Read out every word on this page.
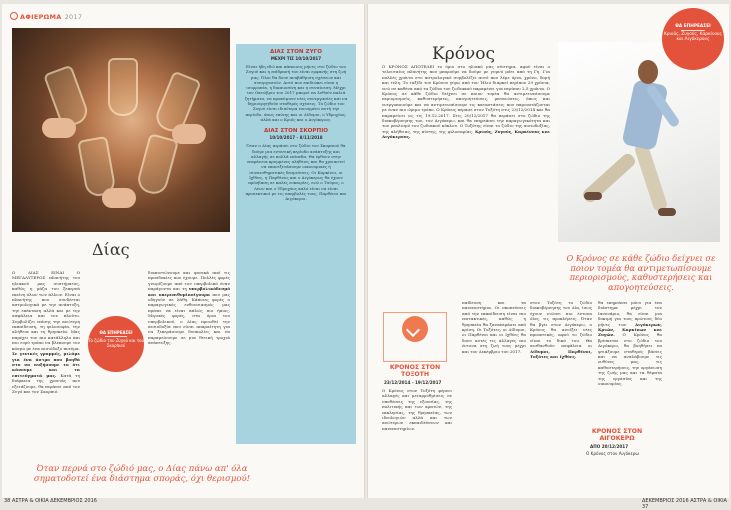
ΑΦΙΕΡΩΜΑ 2017
Δίας
Ο ΔΙΑΣ ΕΙΝΑΙ Ο ΜΕΓΑΛΥΤΕΡΟΣ πλανήτης του ηλιακού μας συστήματος, καθώς η μάζα του ξεπερνά εκείνη όλων των άλλων. Είναι ο πλανήτης που συνδέεται αστρολογικά με την ανάπτυξη, την επέκταση αλλά και με την ασφάλεια και τον πλούτο. Συμβολίζει επίσης την ανώτερη εκπαίδευση, τη φιλοσοφία, την αλήθεια και τη θρησκεία. Μας παρέχει τον πιο κατάλληλο και πιο ευρύ τρόπο να βλέπουμε τον κόσμο με ένα αισιόδοξο πνεύμα. Σε γενικές γραμμές, μιλάμε για ένα άστρο που βοηθά στο να αυξήσουμε το ότι κάνουμε και τα επιτεύγματά μας. Κατά τη διάρκεια της χρονιάς που εξετάζουμε, θα περάσει από τον Ζυγό και τον Σκορπιό.
διαπιστώνουμε και φυσικά από τις προσδοκίες που έχουμε. Πολλές φορές γνωρίζουμε από τον υπερβολικό έναν παράγοντα και τη υπερβολικόδεσμό και υπερεπιθυμίασίγουρα που μας οδηγούν σε λάθη. Κάποιες φορές ο παραγωγικός ενθουσιασμός μας πρέπει να είναι απλώς πιο ήπιος. Μερικές φορές, στα όρια του υπερβολικού, ο Δίας προωθεί την αισιοδοξία που είναι απαραίτητη για να ξεπεράσουμε δυσκολίες και να παραμείνουμε σε μια θετική τροχιά ανάπτυξης.
ΘΑ ΕΠΗΡΕΑΣΕΙ
Το ζώδιο του Ζυγού και του Σκορπιού
ΔΙΑΣ ΣΤΟΝ ΖΥΓΟ
ΜΕΧΡΙ ΤΙΣ 10/10/2017
Είναι ήδη εδώ και κάποιους μήνες στο ζώδιο του Ζυγού και η επίδρασή του είναι εμφανής στη ζωή μας. Όλοι θα δουν αναβάθμιση σχέσεων και συνεργασιών. Αυτό που επιδιώκει είναι η ισορροπία, η δικαιοσύνη και η συναίνεση. Μέχρι τον Οκτώβριο του 2017 μπορεί να λυθούν παλιά ζητήματα, να προκύψουν νέες συνεργασίες και να δημιουργηθούν σταθερές σχέσεις. Το ζώδιο του Ζυγού είναι ιδιαίτερα ευνοημένο αυτή την περίοδο, όπως επίσης και οι Δίδυμοι, ο Υδροχόος, αλλά και ο Κριός και ο Αιγόκερως.
ΔΙΑΣ ΣΤΟΝ ΣΚΟΡΠΙΟ
10/10/2017 - 8/11/2018
Όταν ο Δίας περάσει στο ζώδιο του Σκορπιού θα δούμε μια εντατική περίοδο ανάπτυξης και αλλαγής σε πολλά επίπεδα. Θα έρθουν στην επιφάνεια κρυμμένες αλήθειες και θα χρειαστεί να επανεξετάσουμε οικονομικές ή συναισθηματικές δεσμεύσεις. Οι Καρκίνοι, οι Ιχθύες, η Παρθένος και ο Αιγόκερως θα έχουν πρόσβαση σε καλές ευκαιρίες, ενώ ο Ταύρος, ο Λέων και ο Υδροχόος καλό είναι να είναι προσεκτικοί με τις υπερβολές τους. Παρθένοι και Αιγόκεροι.
Όταν περνά στο ζώδιό μας, ο Δίας πάνω απ' όλα σηματοδοτεί ένα διάστημα σποράς, όχι θερισμού!
Κρόνος
Ο ΚΡΟΝΟΣ ΑΠΟΤΕΛΕΙ το όριο στο ηλιακό μας σύστημα, αφού είναι ο τελευταίος πλανήτης που μπορούμε να δούμε με γυμνό μάτι από τη Γη. Για πολλές χρόνια στο αστρολογικό συμβολίζει αυτό που λέμε όρια, χρόνο, δομή και τέλη. Το ταξίδι του Κρόνου γύρω από τον Ήλιο διαρκεί περίπου 29 χρόνια, ενώ σε καθένα από τα ζώδια του ζωδιακού παραμένει για περίπου 2,5 χρόνια. Ο Κρόνος σε κάθε ζώδιο δείχνει σε ποιον τομέα θα αντιμετωπίσουμε περιορισμούς, καθυστερήσεις, απογοητεύσεις, ματαιώσεις, όπως και ενεργοποιούμε και να αντιμετωπίσουμε τις καταστάσεις που παρουσιάζονται με έναν πιο ώριμο τρόπο. Ο Κρόνος πέρασε στον Τοξότη στις 23/12/2014 και θα παραμείνει ως τις 19.12.2017. Στις 20/12/2017 θα περάσει στο ζώδιο της διακυβέρνησης του, τον Αιγόκερω, και θα επηρεάσει την παραγωγικότητα και τον ρεαλισμό του ζωδιακού κύκλου. Ο Τοξότης είναι το ζώδιο της αισιοδοξίας, της αλήθειας, της πίστης, της φιλοσοφίας. Κριούς, Ζυγούς, Καρκίνους και Αιγόκερους.
ΘΑ ΕΠΗΡΕΑΣΕΙ
Κριούς, Ζυγούς, Καρκίνους και Αιγόκερους
Ο Κρόνος σε κάθε ζώδιο δείχνει σε ποιον τομέα θα αντιμετωπίσουμε περιορισμούς, καθυστερήσεις και απογοητεύσεις.
ΚΡΟΝΟΣ ΣΤΟΝ ΤΟΞΟΤΗ
23/12/2014 - 19/12/2017
Ο Κρόνος στον Τοξότη φέρνει αλλαγές και μεταρρυθμίσεις σε υποθέσεις της εξουσίας, της πολιτικής και των κρατών, της εκκλησίας, της θρησκείας, των ιδεολογιών αλλά και των ανώτερων εκπαιδεύσεων και πανεπιστημίων.
παίδευση και τα πανεπιστήμια. Οι σκοπεύσεις από την εκπαίδευση είναι πιο επιτακτικές, καθώς η θρησκεία θα ξαναπεράσει από κρίση. Οι Τοξότες, οι Δίδυμοι, οι Παρθένοι και οι Ιχθύες θα δουν αυτές τις αλλαγές πιο έντονα στη ζωή τους μέχρι και τον Δεκέμβριο του 2017.
στον Τοξότη το ζώδιο διακυβέρνησης του Δία, ίσως έχουν νιώσει πιο έντονα όλες τις προκλήσεις. Όταν θα βγει στον Αιγόκερω, ο Κρόνος θα ανοίξει νέες προοπτικές, αφού το ζώδιο είναι το δικό του. Θα αισθανθούν ασφάλεια οι Δίδυμοι, Παρθένοι, Τοξότες και Ιχθύες.
ΚΡΟΝΟΣ ΣΤΟΝ ΑΙΓΟΚΕΡΩ
ΑΠΟ 20/12/2017
Ο Κρόνος στον Αιγόκερω
θα επηρεάσει μόνο για ένα διάστημα μέχρι τον Ιανουάριο, θα είναι μια δοκιμή για τους πρώτους δύο μήνες των Αιγόκερων, Κριών, Καρκίνων και Ζυγών. Ο Κρόνος θα βρίσκεται στο ζώδιο του Αιγόκερω, θα βοηθήσει να φτιάξουμε σταθερές βάσεις και να αναλάβουμε τις ευθύνες μας, τις καθυστερήσεις, την οργάνωση της ζωής μας και τα θέματα της εργασίας και της οικονομίας.
38 ΑΣΤΡΑ & ΟΙΚΙΑ ΔΕΚΕΜΒΡΙΟΣ 2016	ΔΕΚΕΜΒΡΙΟΣ 2016 ΑΣΤΡΑ & ΟΙΚΙΑ 37
